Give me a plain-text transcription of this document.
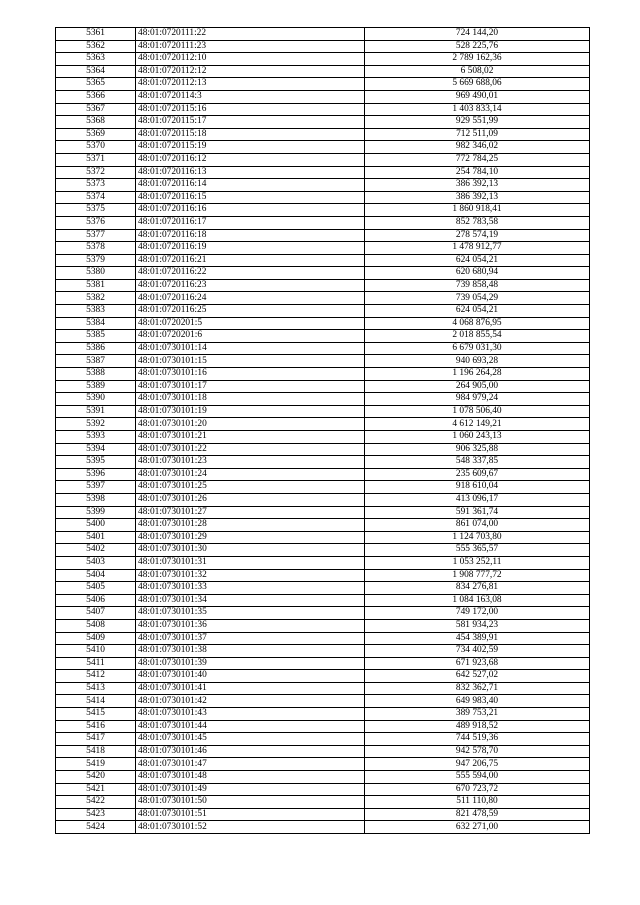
5361	48:01:0720111:22	724 144,20
5362	48:01:0720111:23	528 225,76
5363	48:01:0720112:10	2 789 162,36
5364	48:01:0720112:12	6 508,02
5365	48:01:0720112:13	5 669 688,06
5366	48:01:0720114:3	969 490,01
5367	48:01:0720115:16	1 403 833,14
5368	48:01:0720115:17	929 551,99
5369	48:01:0720115:18	712 511,09
5370	48:01:0720115:19	982 346,02
5371	48:01:0720116:12	772 784,25
5372	48:01:0720116:13	254 784,10
5373	48:01:0720116:14	386 392,13
5374	48:01:0720116:15	386 392,13
5375	48:01:0720116:16	1 860 918,41
5376	48:01:0720116:17	852 783,58
5377	48:01:0720116:18	278 574,19
5378	48:01:0720116:19	1 478 912,77
5379	48:01:0720116:21	624 054,21
5380	48:01:0720116:22	620 680,94
5381	48:01:0720116:23	739 858,48
5382	48:01:0720116:24	739 054,29
5383	48:01:0720116:25	624 054,21
5384	48:01:0720201:5	4 068 876,95
5385	48:01:0720201:6	2 018 855,54
5386	48:01:0730101:14	6 679 031,30
5387	48:01:0730101:15	940 693,28
5388	48:01:0730101:16	1 196 264,28
5389	48:01:0730101:17	264 905,00
5390	48:01:0730101:18	984 979,24
5391	48:01:0730101:19	1 078 506,40
5392	48:01:0730101:20	4 612 149,21
5393	48:01:0730101:21	1 060 243,13
5394	48:01:0730101:22	906 325,88
5395	48:01:0730101:23	548 337,85
5396	48:01:0730101:24	235 609,67
5397	48:01:0730101:25	918 610,04
5398	48:01:0730101:26	413 096,17
5399	48:01:0730101:27	591 361,74
5400	48:01:0730101:28	861 074,00
5401	48:01:0730101:29	1 124 703,80
5402	48:01:0730101:30	555 365,57
5403	48:01:0730101:31	1 053 252,11
5404	48:01:0730101:32	1 908 777,72
5405	48:01:0730101:33	834 276,81
5406	48:01:0730101:34	1 084 163,08
5407	48:01:0730101:35	749 172,00
5408	48:01:0730101:36	581 934,23
5409	48:01:0730101:37	454 389,91
5410	48:01:0730101:38	734 402,59
5411	48:01:0730101:39	671 923,68
5412	48:01:0730101:40	642 527,02
5413	48:01:0730101:41	832 362,71
5414	48:01:0730101:42	649 983,40
5415	48:01:0730101:43	389 753,21
5416	48:01:0730101:44	489 918,52
5417	48:01:0730101:45	744 519,36
5418	48:01:0730101:46	942 578,70
5419	48:01:0730101:47	947 206,75
5420	48:01:0730101:48	555 594,00
5421	48:01:0730101:49	670 723,72
5422	48:01:0730101:50	511 110,80
5423	48:01:0730101:51	821 478,59
5424	48:01:0730101:52	632 271,00
